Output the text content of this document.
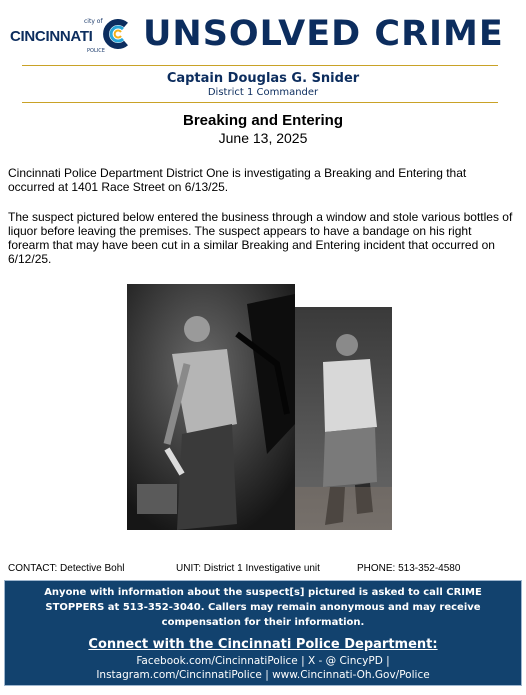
city of
CINCINNATI
POLICE UNSOLVED CRIME
Captain Douglas G. Snider
District 1 Commander
Breaking and Entering
June 13, 2025
Cincinnati Police Department District One is investigating a Breaking and Entering that occurred at 1401 Race Street on 6/13/25.
The suspect pictured below entered the business through a window and stole various bottles of liquor before leaving the premises. The suspect appears to have a bandage on his right forearm that may have been cut in a similar Breaking and Entering incident that occurred on 6/12/25.
CONTACT: Detective Bohl	UNIT: District 1 Investigative unit	PHONE: 513-352-4580
Anyone with information about the suspect[s] pictured is asked to call CRIME STOPPERS at 513-352-3040. Callers may remain anonymous and may receive compensation for their information.
Connect with the Cincinnati Police Department:
Facebook.com/CincinnatiPolice | X - @ CincyPD |
Instagram.com/CincinnatiPolice | www.Cincinnati-Oh.Gov/Police
